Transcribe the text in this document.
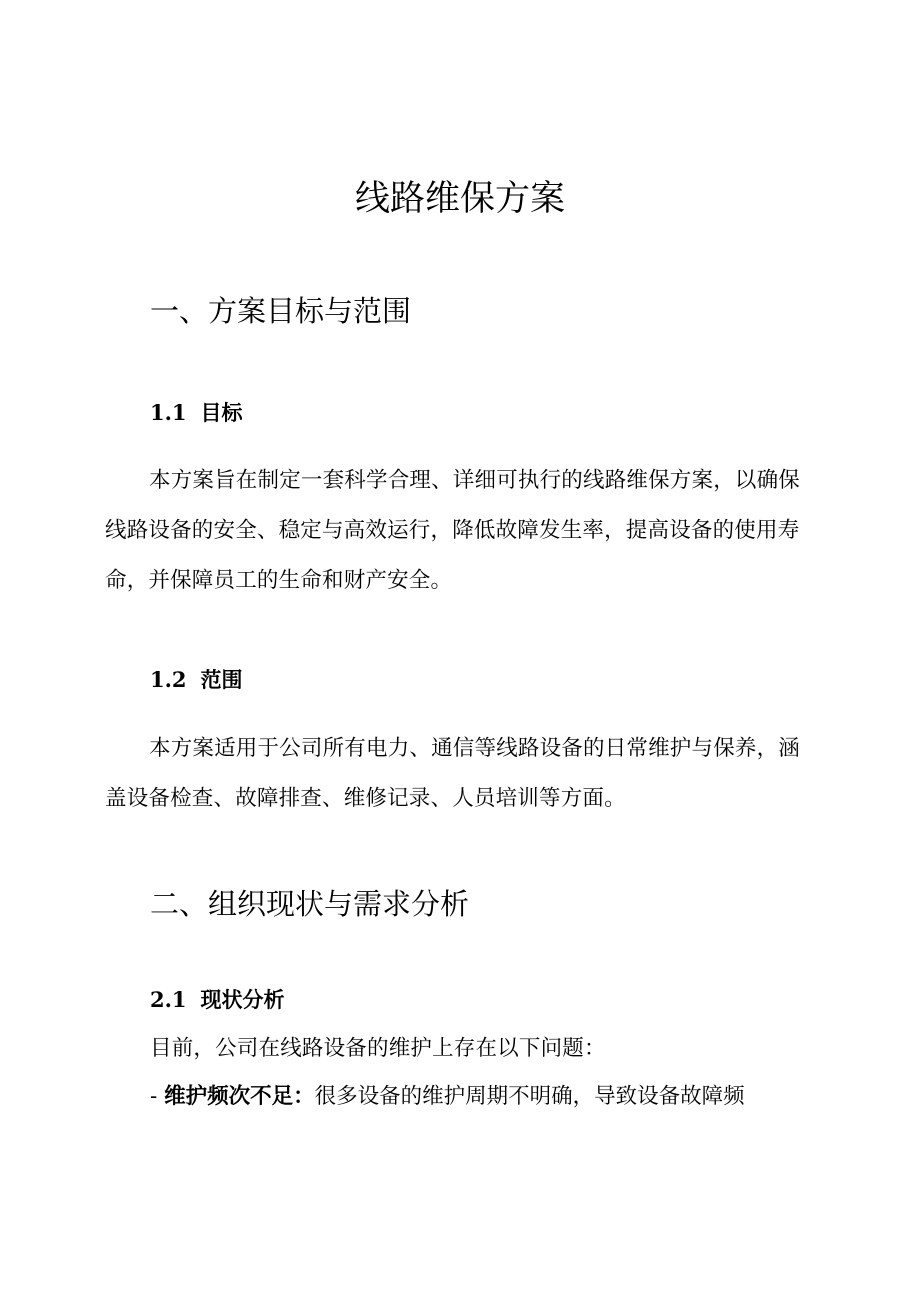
线路维保方案
一、方案目标与范围
1.1 目标

本方案旨在制定一套科学合理、详细可执行的线路维保方案，以确保线路设备的安全、稳定与高效运行，降低故障发生率，提高设备的使用寿命，并保障员工的生命和财产安全。

1.2 范围

本方案适用于公司所有电力、通信等线路设备的日常维护与保养，涵盖设备检查、故障排查、维修记录、人员培训等方面。

二、组织现状与需求分析
2.1 现状分析

目前，公司在线路设备的维护上存在以下问题：

- 维护频次不足：很多设备的维护周期不明确，导致设备故障频
